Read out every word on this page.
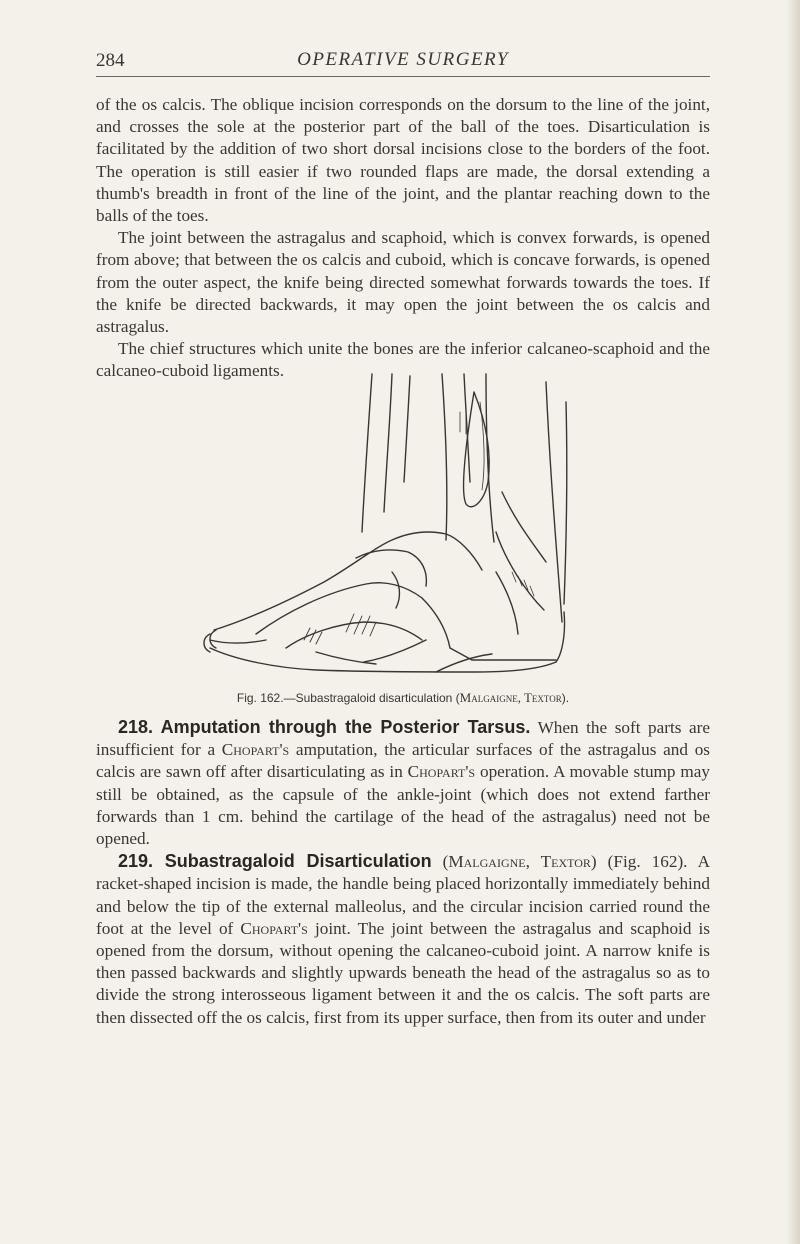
284	OPERATIVE SURGERY

of the os calcis. The oblique incision corresponds on the dorsum to the line of the joint, and crosses the sole at the posterior part of the ball of the toes. Disarticulation is facilitated by the addition of two short dorsal incisions close to the borders of the foot. The operation is still easier if two rounded flaps are made, the dorsal extending a thumb's breadth in front of the line of the joint, and the plantar reaching down to the balls of the toes.

The joint between the astragalus and scaphoid, which is convex forwards, is opened from above; that between the os calcis and cuboid, which is concave forwards, is opened from the outer aspect, the knife being directed somewhat forwards towards the toes. If the knife be directed backwards, it may open the joint between the os calcis and astragalus.

The chief structures which unite the bones are the inferior calcaneo-scaphoid and the calcaneo-cuboid ligaments.

Fig. 162.—Subastragaloid disarticulation (Malgaigne, Textor).

218. Amputation through the Posterior Tarsus. When the soft parts are insufficient for a Chopart's amputation, the articular surfaces of the astragalus and os calcis are sawn off after disarticulating as in Chopart's operation. A movable stump may still be obtained, as the capsule of the ankle-joint (which does not extend farther forwards than 1 cm. behind the cartilage of the head of the astragalus) need not be opened.

219. Subastragaloid Disarticulation (Malgaigne, Textor) (Fig. 162). A racket-shaped incision is made, the handle being placed horizontally immediately behind and below the tip of the external malleolus, and the circular incision carried round the foot at the level of Chopart's joint. The joint between the astragalus and scaphoid is opened from the dorsum, without opening the calcaneo-cuboid joint. A narrow knife is then passed backwards and slightly upwards beneath the head of the astragalus so as to divide the strong interosseous ligament between it and the os calcis. The soft parts are then dissected off the os calcis, first from its upper surface, then from its outer and under
